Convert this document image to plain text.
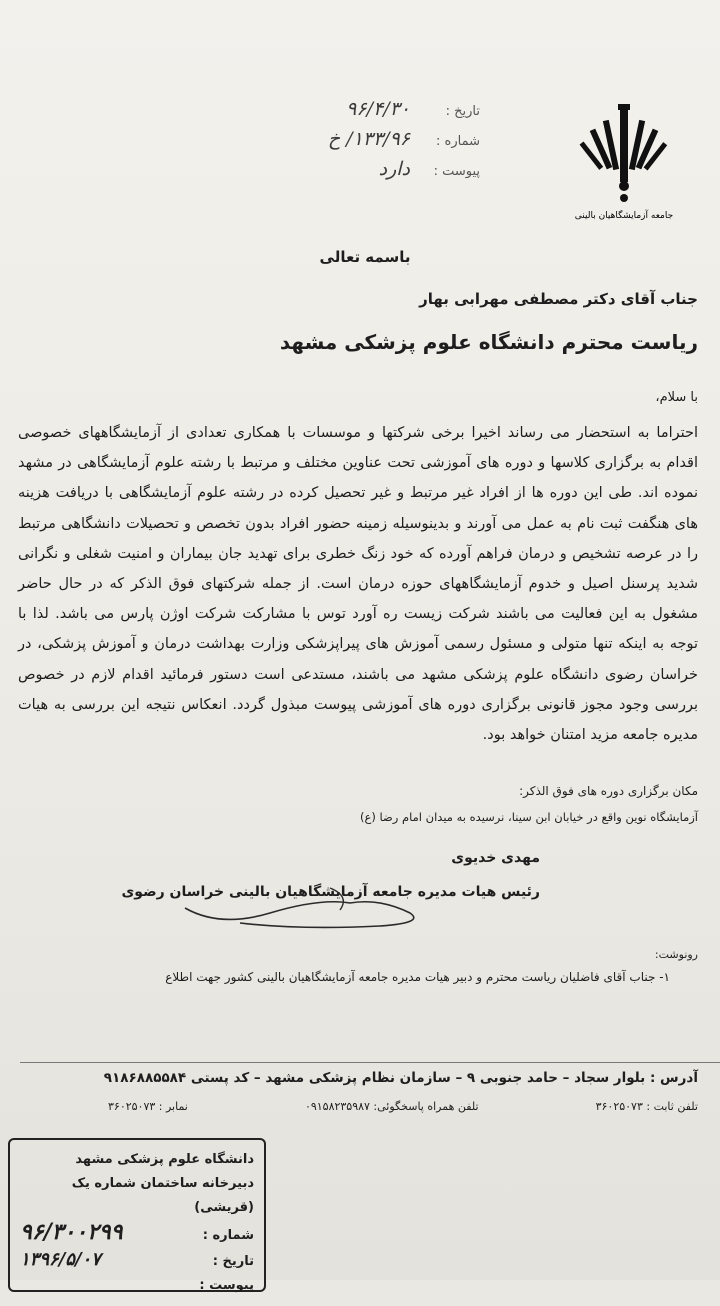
جامعه آزمایشگاهیان بالینی
تاریخ :
۹۶/۴/۳۰
شماره :
۱۳۳/۹۶/ خ
پیوست :
دارد
باسمه تعالی
جناب آقای دکتر مصطفی مهرابی بهار
ریاست محترم دانشگاه علوم پزشکی مشهد
با سلام،
احتراما به استحضار می رساند اخیرا برخی شرکتها و موسسات با همکاری تعدادی از آزمایشگاههای خصوصی اقدام به برگزاری کلاسها و دوره های آموزشی تحت عناوین مختلف و مرتبط با رشته علوم آزمایشگاهی در مشهد نموده اند. طی این دوره ها از افراد غیر مرتبط و غیر تحصیل کرده در رشته علوم آزمایشگاهی با دریافت هزینه های هنگفت ثبت نام به عمل می آورند و بدینوسیله زمینه حضور افراد بدون تخصص و تحصیلات دانشگاهی مرتبط را در عرصه تشخیص و درمان فراهم آورده که خود زنگ خطری برای تهدید جان بیماران و امنیت شغلی و نگرانی شدید پرسنل اصیل و خدوم آزمایشگاههای حوزه درمان است. از جمله شرکتهای فوق الذکر که در حال حاضر مشغول به این فعالیت می باشند شرکت زیست ره آورد توس با مشارکت شرکت اوژن پارس می باشد. لذا با توجه به اینکه تنها متولی و مسئول رسمی آموزش های پیراپزشکی وزارت بهداشت درمان و آموزش پزشکی، در خراسان رضوی دانشگاه علوم پزشکی مشهد می باشند، مستدعی است دستور فرمائید اقدام لازم در خصوص بررسی وجود مجوز قانونی برگزاری دوره های آموزشی پیوست مبذول گردد. انعکاس نتیجه این بررسی به هیات مدیره جامعه مزید امتنان خواهد بود.
مکان برگزاری دوره های فوق الذکر:
آزمایشگاه نوین واقع در خیابان ابن سینا، نرسیده به میدان امام رضا (ع)
مهدی خدیوی
رئیس هیات مدیره جامعه آزمایشگاهیان بالینی خراسان رضوی
رونوشت:
۱- جناب آقای فاضلیان ریاست محترم و دبیر هیات مدیره جامعه آزمایشگاهیان بالینی کشور جهت اطلاع
آدرس : بلوار سجاد – حامد جنوبی ۹ – سازمان نظام پزشکی مشهد – کد پستی ۹۱۸۶۸۸۵۵۸۴
تلفن ثابت : ۳۶۰۲۵۰۷۳
تلفن همراه پاسخگوئی: ۰۹۱۵۸۲۳۵۹۸۷
نمابر : ۳۶۰۲۵۰۷۳
دانشگاه علوم پزشکی مشهد
دبیرخانه ساختمان شماره یک (قریشی)
شماره :
۹۶/۳۰۰۲۹۹
تاریخ :
۱۳۹۶/۵/۰۷
پیوست :
